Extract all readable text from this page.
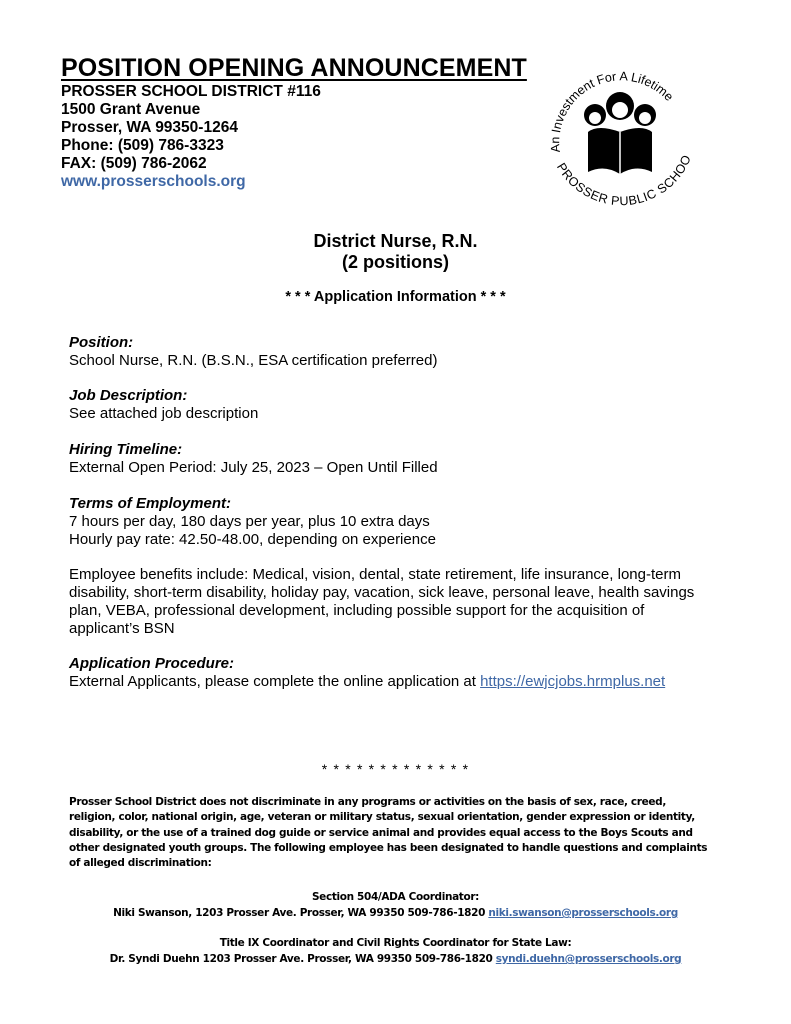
POSITION OPENING ANNOUNCEMENT
PROSSER SCHOOL DISTRICT #116
1500 Grant Avenue
Prosser, WA 99350-1264
Phone: (509) 786-3323
FAX: (509) 786-2062
www.prosserschools.org
An Investment For A Lifetime
PROSSER PUBLIC SCHOO
District Nurse, R.N.
(2 positions)
* * * Application Information * * *
Position:
School Nurse, R.N. (B.S.N., ESA certification preferred)
Job Description:
See attached job description
Hiring Timeline:
External Open Period: July 25, 2023 – Open Until Filled
Terms of Employment:
7 hours per day, 180 days per year, plus 10 extra days
Hourly pay rate: 42.50-48.00, depending on experience
Employee benefits include: Medical, vision, dental, state retirement, life insurance, long-term disability, short-term disability, holiday pay, vacation, sick leave, personal leave, health savings plan, VEBA, professional development, including possible support for the acquisition of applicant’s BSN
Application Procedure:
External Applicants, please complete the online application at https://ewjcjobs.hrmplus.net
* * * * * * * * * * * * *
Prosser School District does not discriminate in any programs or activities on the basis of sex, race, creed, religion, color, national origin, age, veteran or military status, sexual orientation, gender expression or identity, disability, or the use of a trained dog guide or service animal and provides equal access to the Boys Scouts and other designated youth groups. The following employee has been designated to handle questions and complaints of alleged discrimination:
Section 504/ADA Coordinator:
Niki Swanson, 1203 Prosser Ave. Prosser, WA 99350 509-786-1820 niki.swanson@prosserschools.org
Title IX Coordinator and Civil Rights Coordinator for State Law:
Dr. Syndi Duehn 1203 Prosser Ave. Prosser, WA 99350 509-786-1820 syndi.duehn@prosserschools.org
